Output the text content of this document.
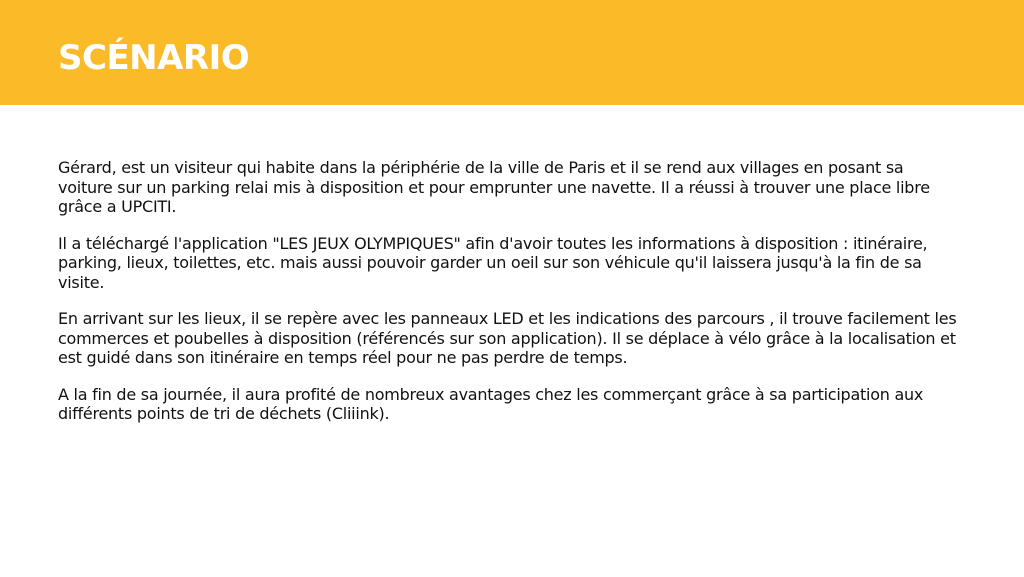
SCÉNARIO

Gérard, est un visiteur qui habite dans la périphérie de la ville de Paris et il se rend aux villages en posant sa voiture sur un parking relai mis à disposition et pour emprunter une navette. Il a réussi à trouver une place libre grâce a UPCITI.

Il a téléchargé l'application "LES JEUX OLYMPIQUES" afin d'avoir toutes les informations à disposition : itinéraire, parking, lieux, toilettes, etc. mais aussi pouvoir garder un oeil sur son véhicule qu'il laissera jusqu'à la fin de sa visite.

En arrivant sur les lieux, il se repère avec les panneaux LED et les indications des parcours , il trouve facilement les commerces et poubelles à disposition (référencés sur son application). Il se déplace à vélo grâce à la localisation et est guidé dans son itinéraire en temps réel pour ne pas perdre de temps.

A la fin de sa journée, il aura profité de nombreux avantages chez les commerçant grâce à sa participation aux différents points de tri de déchets (Cliiink).
